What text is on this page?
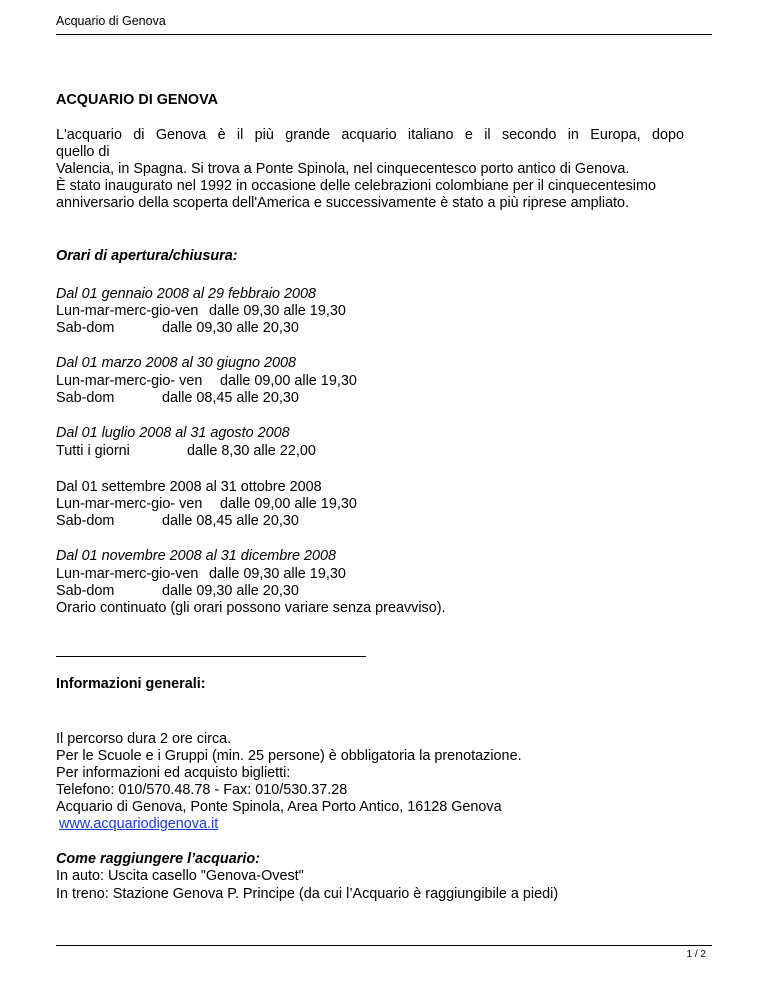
Acquario di Genova
ACQUARIO DI GENOVA
L'acquario di Genova è il più grande acquario italiano e il secondo in Europa, dopo
quello di
Valencia, in Spagna. Si trova a Ponte Spinola, nel cinquecentesco porto antico di Genova.
È stato inaugurato nel 1992 in occasione delle celebrazioni colombiane per il cinquecentesimo
anniversario della scoperta dell'America e successivamente è stato a più riprese ampliato.
Orari di apertura/chiusura:
Dal 01 gennaio 2008 al 29 febbraio 2008
Lun-mar-merc-gio-ven dalle 09,30 alle 19,30
Sab-dom	dalle 09,30 alle 20,30
Dal 01 marzo 2008 al 30 giugno 2008
Lun-mar-merc-gio- ven dalle 09,00 alle 19,30
Sab-dom	dalle 08,45 alle 20,30
Dal 01 luglio 2008 al 31 agosto 2008
Tutti i giorni	dalle 8,30 alle 22,00
Dal 01 settembre 2008 al 31 ottobre 2008
Lun-mar-merc-gio- ven dalle 09,00 alle 19,30
Sab-dom	dalle 08,45 alle 20,30
Dal 01 novembre 2008 al 31 dicembre 2008
Lun-mar-merc-gio-ven dalle 09,30 alle 19,30
Sab-dom	dalle 09,30 alle 20,30
Orario continuato (gli orari possono variare senza preavviso).
Informazioni generali:
Il percorso dura 2 ore circa.
Per le Scuole e i Gruppi (min. 25 persone) è obbligatoria la prenotazione.
Per informazioni ed acquisto biglietti:
Telefono: 010/570.48.78 - Fax: 010/530.37.28
Acquario di Genova, Ponte Spinola, Area Porto Antico, 16128 Genova
www.acquariodigenova.it
Come raggiungere l’acquario:
In auto: Uscita casello "Genova-Ovest"
In treno: Stazione Genova P. Principe (da cui l’Acquario è raggiungibile a piedi)
1 / 2
